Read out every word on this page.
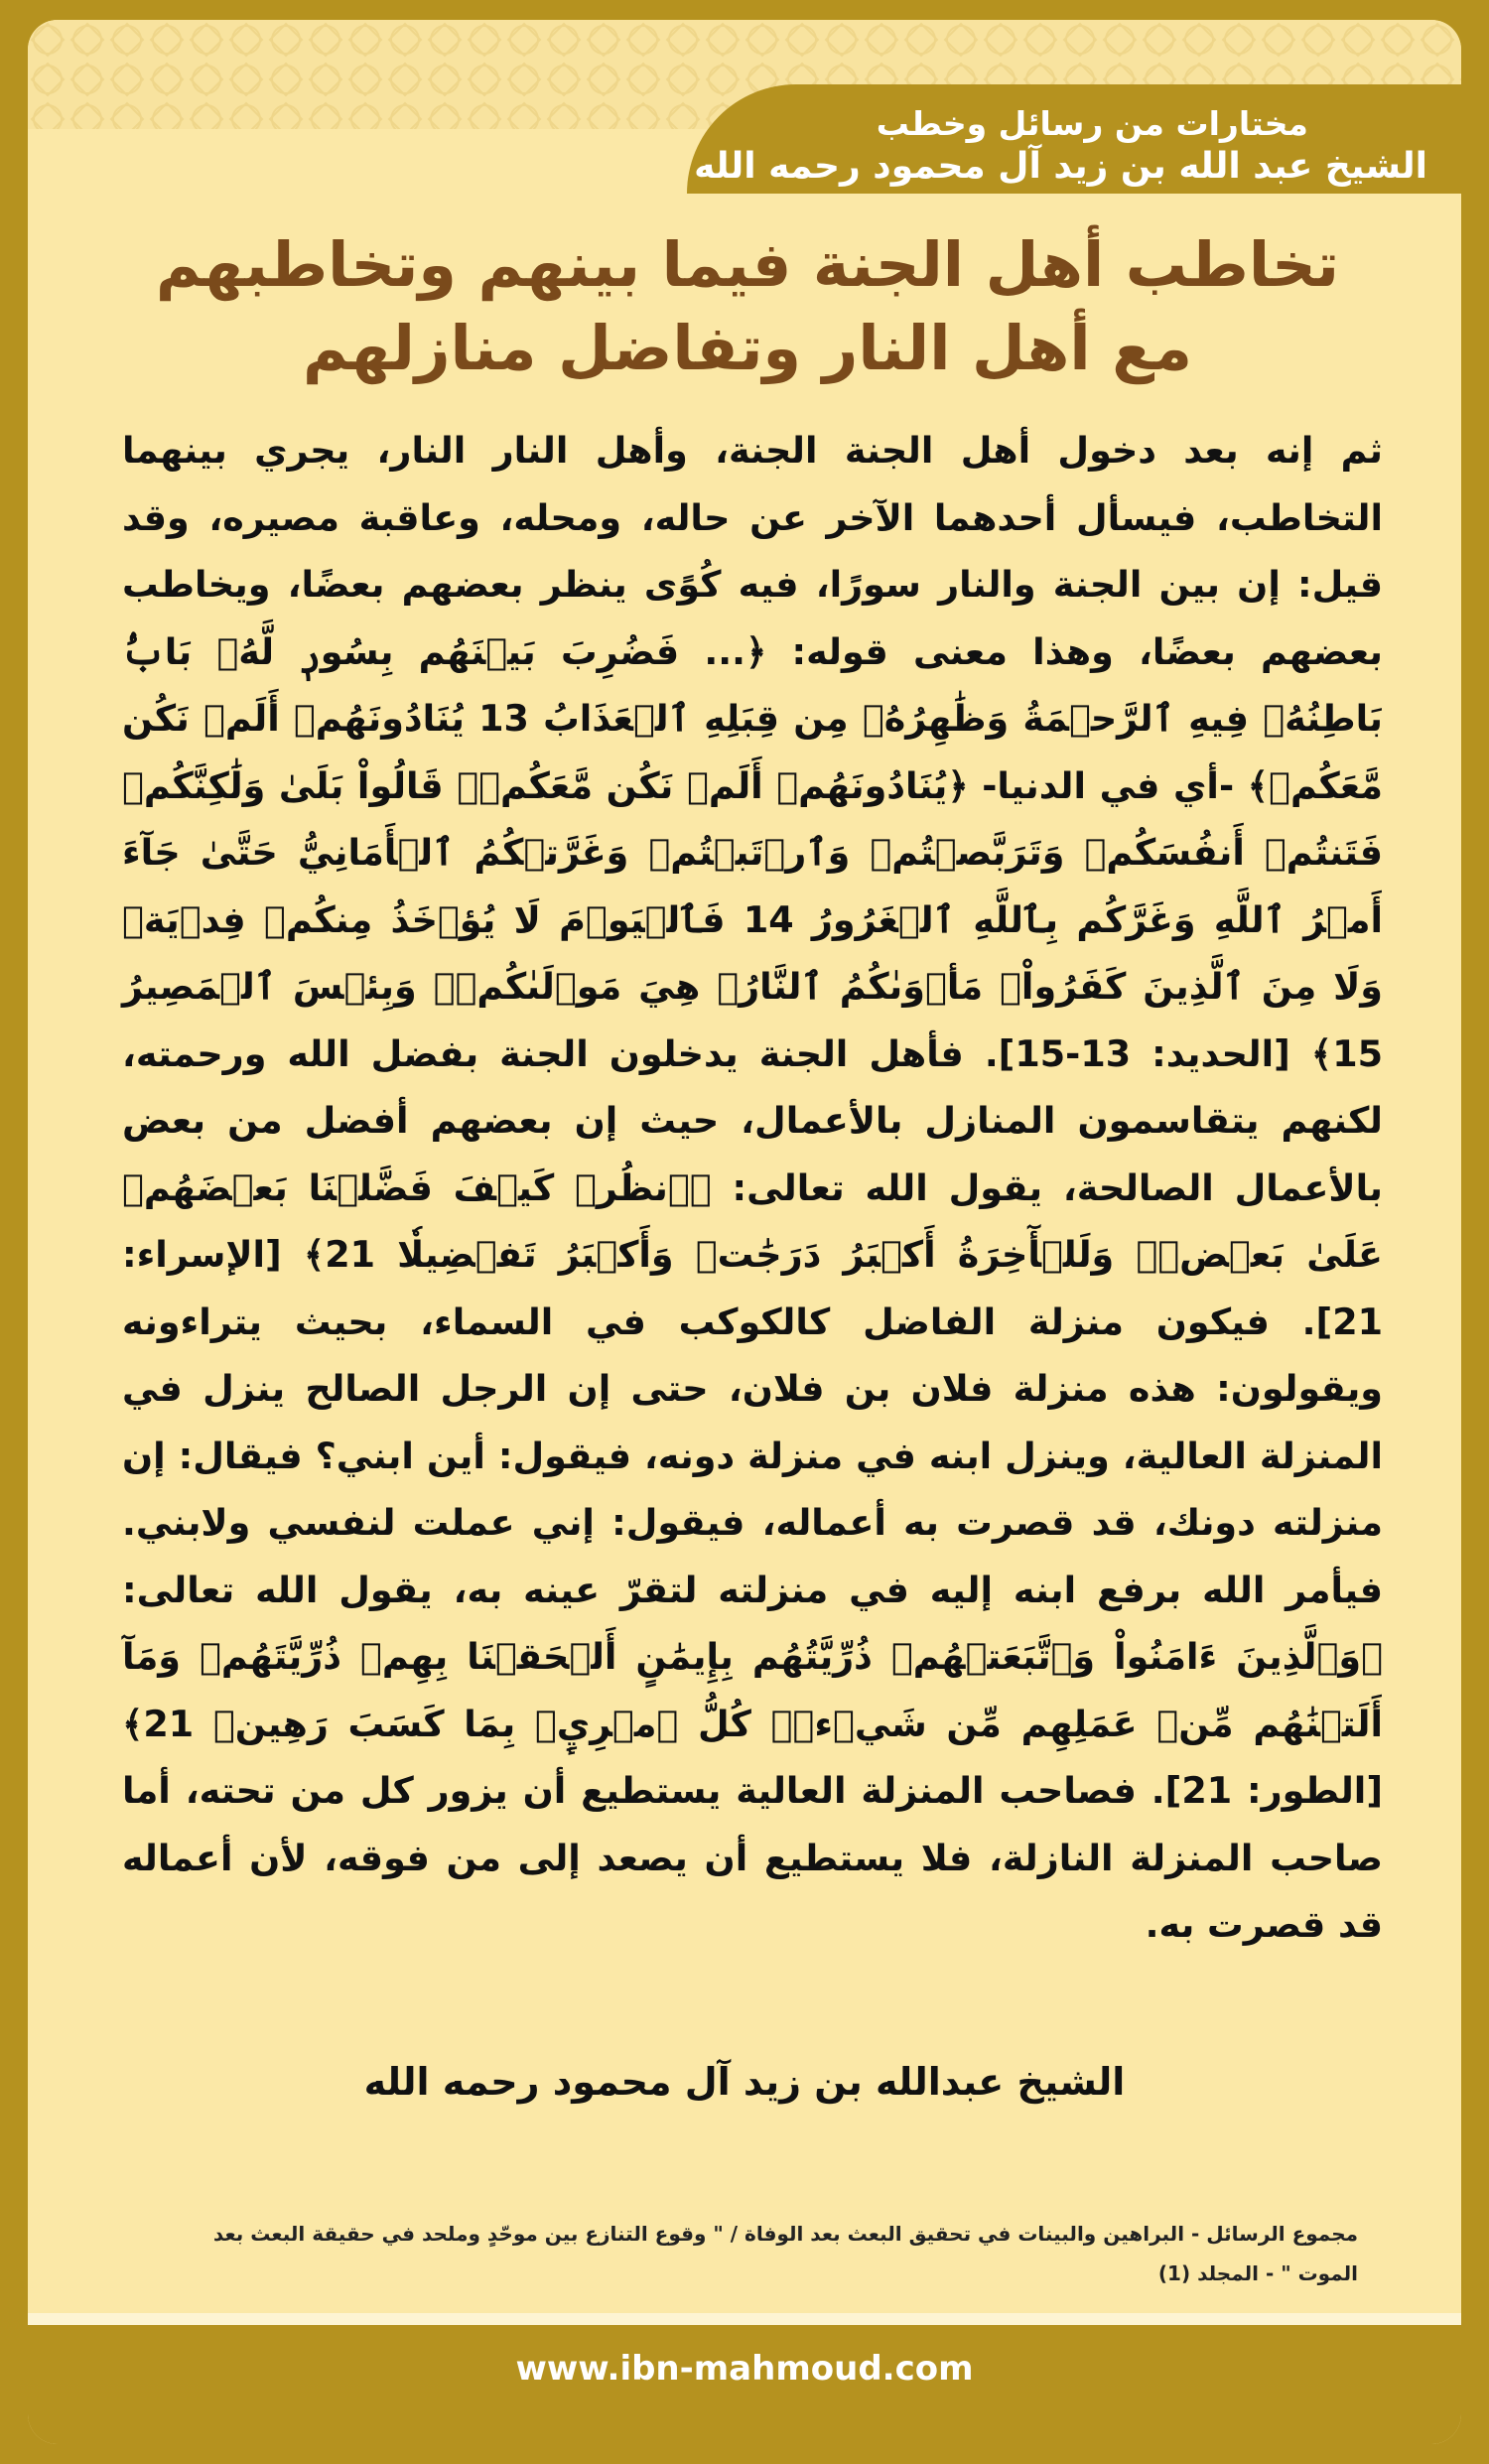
مختارات من رسائل وخطب
الشيخ عبد الله بن زيد آل محمود رحمه الله
تخاطب أهل الجنة فيما بينهم وتخاطبهم مع أهل النار وتفاضل منازلهم

ثم إنه بعد دخول أهل الجنة الجنة، وأهل النار النار، يجري بينهما التخاطب، فيسأل أحدهما الآخر عن حاله، ومحله، وعاقبة مصيره، وقد قيل: إن بين الجنة والنار سورًا، فيه كُوًى ينظر بعضهم بعضًا، ويخاطب بعضهم بعضًا، وهذا معنى قوله: ﴿... فَضُرِبَ بَيۡنَهُم بِسُورٖ لَّهُۥ بَابُۢ بَاطِنُهُۥ فِيهِ ٱلرَّحۡمَةُ وَظَٰهِرُهُۥ مِن قِبَلِهِ ٱلۡعَذَابُ 13 يُنَادُونَهُمۡ أَلَمۡ نَكُن مَّعَكُمۡ﴾ -أي في الدنيا- ﴿يُنَادُونَهُمۡ أَلَمۡ نَكُن مَّعَكُمۡۖ قَالُواْ بَلَىٰ وَلَٰكِنَّكُمۡ فَتَنتُمۡ أَنفُسَكُمۡ وَتَرَبَّصۡتُمۡ وَٱرۡتَبۡتُمۡ وَغَرَّتۡكُمُ ٱلۡأَمَانِيُّ حَتَّىٰ جَآءَ أَمۡرُ ٱللَّهِ وَغَرَّكُم بِٱللَّهِ ٱلۡغَرُورُ 14 فَٱلۡيَوۡمَ لَا يُؤۡخَذُ مِنكُمۡ فِدۡيَةٞ وَلَا مِنَ ٱلَّذِينَ كَفَرُواْۚ مَأۡوَىٰكُمُ ٱلنَّارُۖ هِيَ مَوۡلَىٰكُمۡۖ وَبِئۡسَ ٱلۡمَصِيرُ 15﴾ [الحديد: 13-15]. فأهل الجنة يدخلون الجنة بفضل الله ورحمته، لكنهم يتقاسمون المنازل بالأعمال، حيث إن بعضهم أفضل من بعض بالأعمال الصالحة، يقول الله تعالى: ﴿ٱنظُرۡ كَيۡفَ فَضَّلۡنَا بَعۡضَهُمۡ عَلَىٰ بَعۡضٖۚ وَلَلۡأٓخِرَةُ أَكۡبَرُ دَرَجَٰتٖ وَأَكۡبَرُ تَفۡضِيلٗا 21﴾ [الإسراء: 21]. فيكون منزلة الفاضل كالكوكب في السماء، بحيث يتراءونه ويقولون: هذه منزلة فلان بن فلان، حتى إن الرجل الصالح ينزل في المنزلة العالية، وينزل ابنه في منزلة دونه، فيقول: أين ابني؟ فيقال: إن منزلته دونك، قد قصرت به أعماله، فيقول: إني عملت لنفسي ولابني. فيأمر الله برفع ابنه إليه في منزلته لتقرّ عينه به، يقول الله تعالى: ﴿وَٱلَّذِينَ ءَامَنُواْ وَٱتَّبَعَتۡهُمۡ ذُرِّيَّتُهُم بِإِيمَٰنٍ أَلۡحَقۡنَا بِهِمۡ ذُرِّيَّتَهُمۡ وَمَآ أَلَتۡنَٰهُم مِّنۡ عَمَلِهِم مِّن شَيۡءٖۚ كُلُّ ٱمۡرِيِٕۭ بِمَا كَسَبَ رَهِينٞ 21﴾ [الطور: 21]. فصاحب المنزلة العالية يستطيع أن يزور كل من تحته، أما صاحب المنزلة النازلة، فلا يستطيع أن يصعد إلى من فوقه، لأن أعماله قد قصرت به.

الشيخ عبدالله بن زيد آل محمود رحمه الله
مجموع الرسائل - البراهين والبينات في تحقيق البعث بعد الوفاة / " وقوع التنازع بين موحّدٍ وملحد في حقيقة البعث بعد الموت " - المجلد (1)
www.ibn-mahmoud.com
